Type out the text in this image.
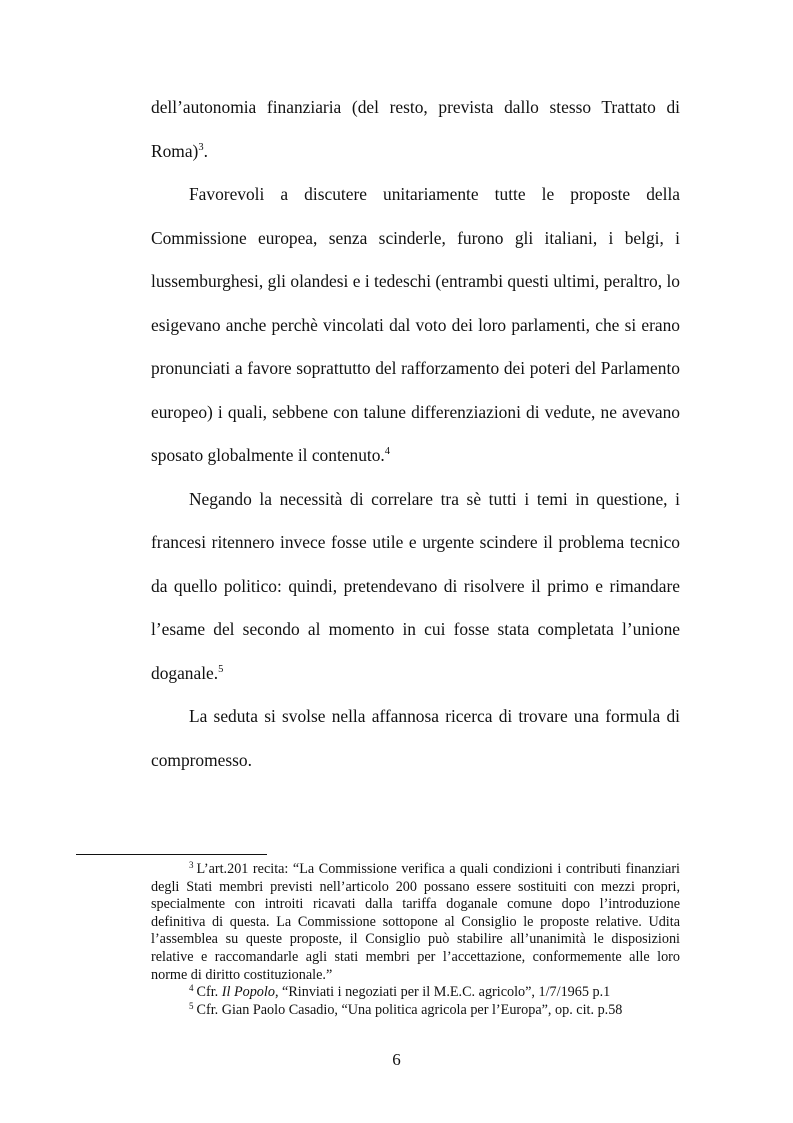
dell’autonomia finanziaria (del resto, prevista dallo stesso Trattato di Roma)$^3$.

Favorevoli a discutere unitariamente tutte le proposte della Commissione europea, senza scinderle, furono gli italiani, i belgi, i lussemburghesi, gli olandesi e i tedeschi (entrambi questi ultimi, peraltro, lo esigevano anche perchè vincolati dal voto dei loro parlamenti, che si erano pronunciati a favore soprattutto del rafforzamento dei poteri del Parlamento europeo) i quali, sebbene con talune differenziazioni di vedute, ne avevano sposato globalmente il contenuto.$^4$

Negando la necessità di correlare tra sè tutti i temi in questione, i francesi ritennero invece fosse utile e urgente scindere il problema tecnico da quello politico: quindi, pretendevano di risolvere il primo e rimandare l’esame del secondo al momento in cui fosse stata completata l’unione doganale.$^5$

La seduta si svolse nella affannosa ricerca di trovare una formula di compromesso.

$^3$ L’art.201 recita: “La Commissione verifica a quali condizioni i contributi finanziari degli Stati membri previsti nell’articolo 200 possano essere sostituiti con mezzi propri, specialmente con introiti ricavati dalla tariffa doganale comune dopo l’introduzione definitiva di questa. La Commissione sottopone al Consiglio le proposte relative. Udita l’assemblea su queste proposte, il Consiglio può stabilire all’unanimità le disposizioni relative e raccomandarle agli stati membri per l’accettazione, conformemente alle loro norme di diritto costituzionale.”

$^4$ Cfr. Il Popolo, “Rinviati i negoziati per il M.E.C. agricolo”, 1/7/1965 p.1

$^5$ Cfr. Gian Paolo Casadio, “Una politica agricola per l’Europa”, op. cit. p.58

6
